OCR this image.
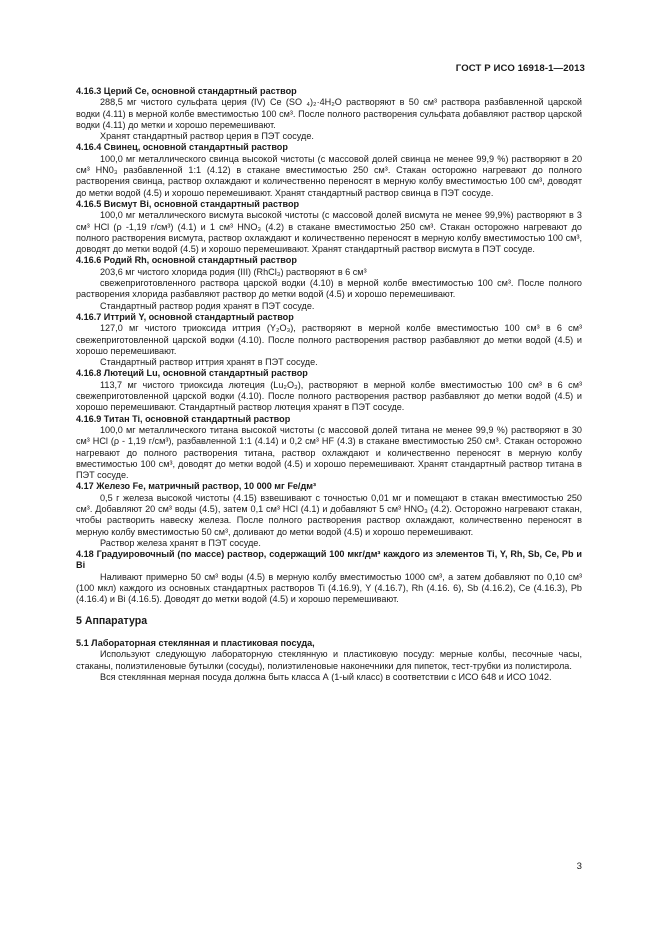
ГОСТ Р ИСО 16918-1—2013

4.16.3 Церий Ce, основной стандартный раствор

288,5 мг чистого сульфата церия (IV) Ce (SO ₄)₂·4H₂O растворяют в 50 см³ раствора разбавленной царской водки (4.11) в мерной колбе вместимостью 100 см³. После полного растворения сульфата добавляют раствор царской водки (4.11) до метки и хорошо перемешивают.

Хранят стандартный раствор церия в ПЭТ сосуде.

4.16.4 Свинец, основной стандартный раствор

100,0 мг металлического свинца высокой чистоты (с массовой долей свинца не менее 99,9 %) растворяют в 20 см³ HN0₃ разбавленной 1:1 (4.12) в стакане вместимостью 250 см³. Стакан осторожно нагревают до полного растворения свинца, раствор охлаждают и количественно переносят в мерную колбу вместимостью 100 см³, доводят до метки водой (4.5) и хорошо перемешивают. Хранят стандартный раствор свинца в ПЭТ сосуде.

4.16.5 Висмут Bi, основной стандартный раствор

100,0 мг металлического висмута высокой чистоты (с массовой долей висмута не менее 99,9%) растворяют в 3 см³ HCl (ρ -1,19 г/см³) (4.1) и 1 см³ HNO₃ (4.2) в стакане вместимостью 250 см³. Стакан осторожно нагревают до полного растворения висмута, раствор охлаждают и количественно переносят в мерную колбу вместимостью 100 см³, доводят до метки водой (4.5) и хорошо перемешивают. Хранят стандартный раствор висмута в ПЭТ сосуде.

4.16.6 Родий Rh, основной стандартный раствор

203,6 мг чистого хлорида родия (III) (RhCl₃) растворяют в 6 см³

свежеприготовленного раствора царской водки (4.10) в мерной колбе вместимостью 100 см³. После полного растворения хлорида разбавляют раствор до метки водой (4.5) и хорошо перемешивают.

Стандартный раствор родия хранят в ПЭТ сосуде.

4.16.7 Иттрий Y, основной стандартный раствор

127,0 мг чистого триоксида иттрия (Y₂O₃), растворяют в мерной колбе вместимостью 100 см³ в 6 см³ свежеприготовленной царской водки (4.10). После полного растворения раствор разбавляют до метки водой (4.5) и хорошо перемешивают.

Стандартный раствор иттрия хранят в ПЭТ сосуде.

4.16.8 Лютеций Lu, основной стандартный раствор

113,7 мг чистого триоксида лютеция (Lu₂O₃), растворяют в мерной колбе вместимостью 100 см³ в 6 см³ свежеприготовленной царской водки (4.10). После полного растворения раствор разбавляют до метки водой (4.5) и хорошо перемешивают. Стандартный раствор лютеция хранят в ПЭТ сосуде.

4.16.9 Титан Ti, основной стандартный раствор

100,0 мг металлического титана высокой чистоты (с массовой долей титана не менее 99,9 %) растворяют в 30 см³ HCl (ρ - 1,19 г/см³), разбавленной 1:1 (4.14) и 0,2 см³ HF (4.3) в стакане вместимостью 250 см³. Стакан осторожно нагревают до полного растворения титана, раствор охлаждают и количественно переносят в мерную колбу вместимостью 100 см³, доводят до метки водой (4.5) и хорошо перемешивают. Хранят стандартный раствор титана в ПЭТ сосуде.

4.17 Железо Fe, матричный раствор, 10 000 мг Fe/дм³

0,5 г железа высокой чистоты (4.15) взвешивают с точностью 0,01 мг и помещают в стакан вместимостью 250 см³. Добавляют 20 см³ воды (4.5), затем 0,1 см³ HCl (4.1) и добавляют 5 см³ HNO₃ (4.2). Осторожно нагревают стакан, чтобы растворить навеску железа. После полного растворения раствор охлаждают, количественно переносят в мерную колбу вместимостью 50 см³, доливают до метки водой (4.5) и хорошо перемешивают.

Раствор железа хранят в ПЭТ сосуде.

4.18 Градуировочный (по массе) раствор, содержащий 100 мкг/дм³ каждого из элементов Ti, Y, Rh, Sb, Ce, Pb и Bi

Наливают примерно 50 см³ воды (4.5) в мерную колбу вместимостью 1000 см³, а затем добавляют по 0,10 см³ (100 мкл) каждого из основных стандартных растворов Ti (4.16.9), Y (4.16.7), Rh (4.16. 6), Sb (4.16.2), Ce (4.16.3), Pb (4.16.4) и Bi (4.16.5). Доводят до метки водой (4.5) и хорошо перемешивают.

5 Аппаратура

5.1 Лабораторная стеклянная и пластиковая посуда,

Используют следующую лабораторную стеклянную и пластиковую посуду: мерные колбы, песочные часы, стаканы, полиэтиленовые бутылки (сосуды), полиэтиленовые наконечники для пипеток, тест-трубки из полистирола.

Вся стеклянная мерная посуда должна быть класса А (1-ый класс) в соответствии с ИСО 648 и ИСО 1042.

3
